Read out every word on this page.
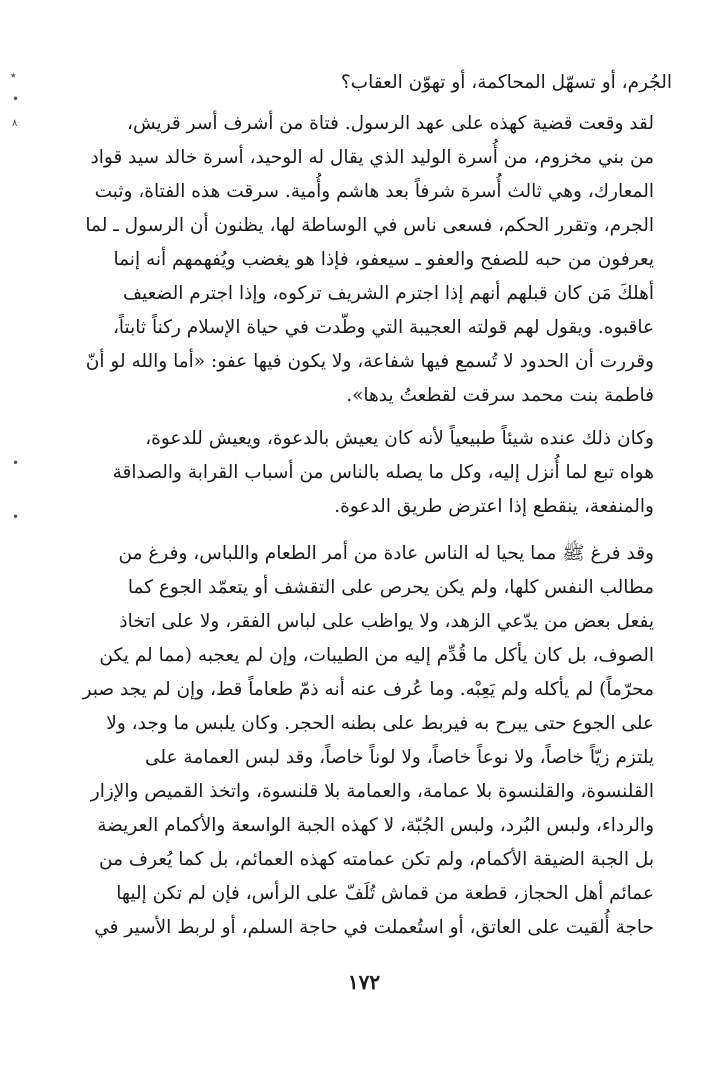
٭
•
٨
•
•

الجُرم، أو تسهّل المحاكمة، أو تهوّن العقاب؟

لقد وقعت قضية كهذه على عهد الرسول. فتاة من أشرف أسر قريش،
من بني مخزوم، من أُسرة الوليد الذي يقال له الوحيد، أسرة خالد سيد قواد
المعارك، وهي ثالث أُسرة شرفاً بعد هاشم وأُمية. سرقت هذه الفتاة، وثبت
الجرم، وتقرر الحكم، فسعى ناس في الوساطة لها، يظنون أن الرسول ـ لما
يعرفون من حبه للصفح والعفو ـ سيعفو، فإذا هو يغضب ويُفهمهم أنه إنما
أهلكَ مَن كان قبلهم أنهم إذا اجترم الشريف تركوه، وإذا اجترم الضعيف
عاقبوه. ويقول لهم قولته العجيبة التي وطّدت في حياة الإسلام ركناً ثابتاً،
وقررت أن الحدود لا تُسمع فيها شفاعة، ولا يكون فيها عفو: «أما والله لو أنّ
فاطمة بنت محمد سرقت لقطعتُ يدها».

وكان ذلك عنده شيئاً طبيعياً لأنه كان يعيش بالدعوة، ويعيش للدعوة،
هواه تبع لما أُنزل إليه، وكل ما يصله بالناس من أسباب القرابة والصداقة
والمنفعة، ينقطع إذا اعترض طريق الدعوة.

وقد فرغ ﷺ مما يحيا له الناس عادة من أمر الطعام واللباس، وفرغ من
مطالب النفس كلها، ولم يكن يحرص على التقشف أو يتعمّد الجوع كما
يفعل بعض من يدّعي الزهد، ولا يواظب على لباس الفقر، ولا على اتخاذ
الصوف، بل كان يأكل ما قُدِّم إليه من الطيبات، وإن لم يعجبه (مما لم يكن
محرّماً) لم يأكله ولم يَعِبْه. وما عُرف عنه أنه ذمّ طعاماً قط، وإن لم يجد صبر
على الجوع حتى يبرح به فيربط على بطنه الحجر. وكان يلبس ما وجد، ولا
يلتزم زيّاً خاصاً، ولا نوعاً خاصاً، ولا لوناً خاصاً، وقد لبس العمامة على
القلنسوة، والقلنسوة بلا عمامة، والعمامة بلا قلنسوة، واتخذ القميص والإزار
والرداء، ولبس البُرد، ولبس الجُبّة، لا كهذه الجبة الواسعة والأكمام العريضة
بل الجبة الضيقة الأكمام، ولم تكن عمامته كهذه العمائم، بل كما يُعرف من
عمائم أهل الحجاز، قطعة من قماش تُلَفّ على الرأس، فإن لم تكن إليها
حاجة أُلقيت على العاتق، أو استُعملت في حاجة السلم، أو لربط الأسير في

١٧٢
